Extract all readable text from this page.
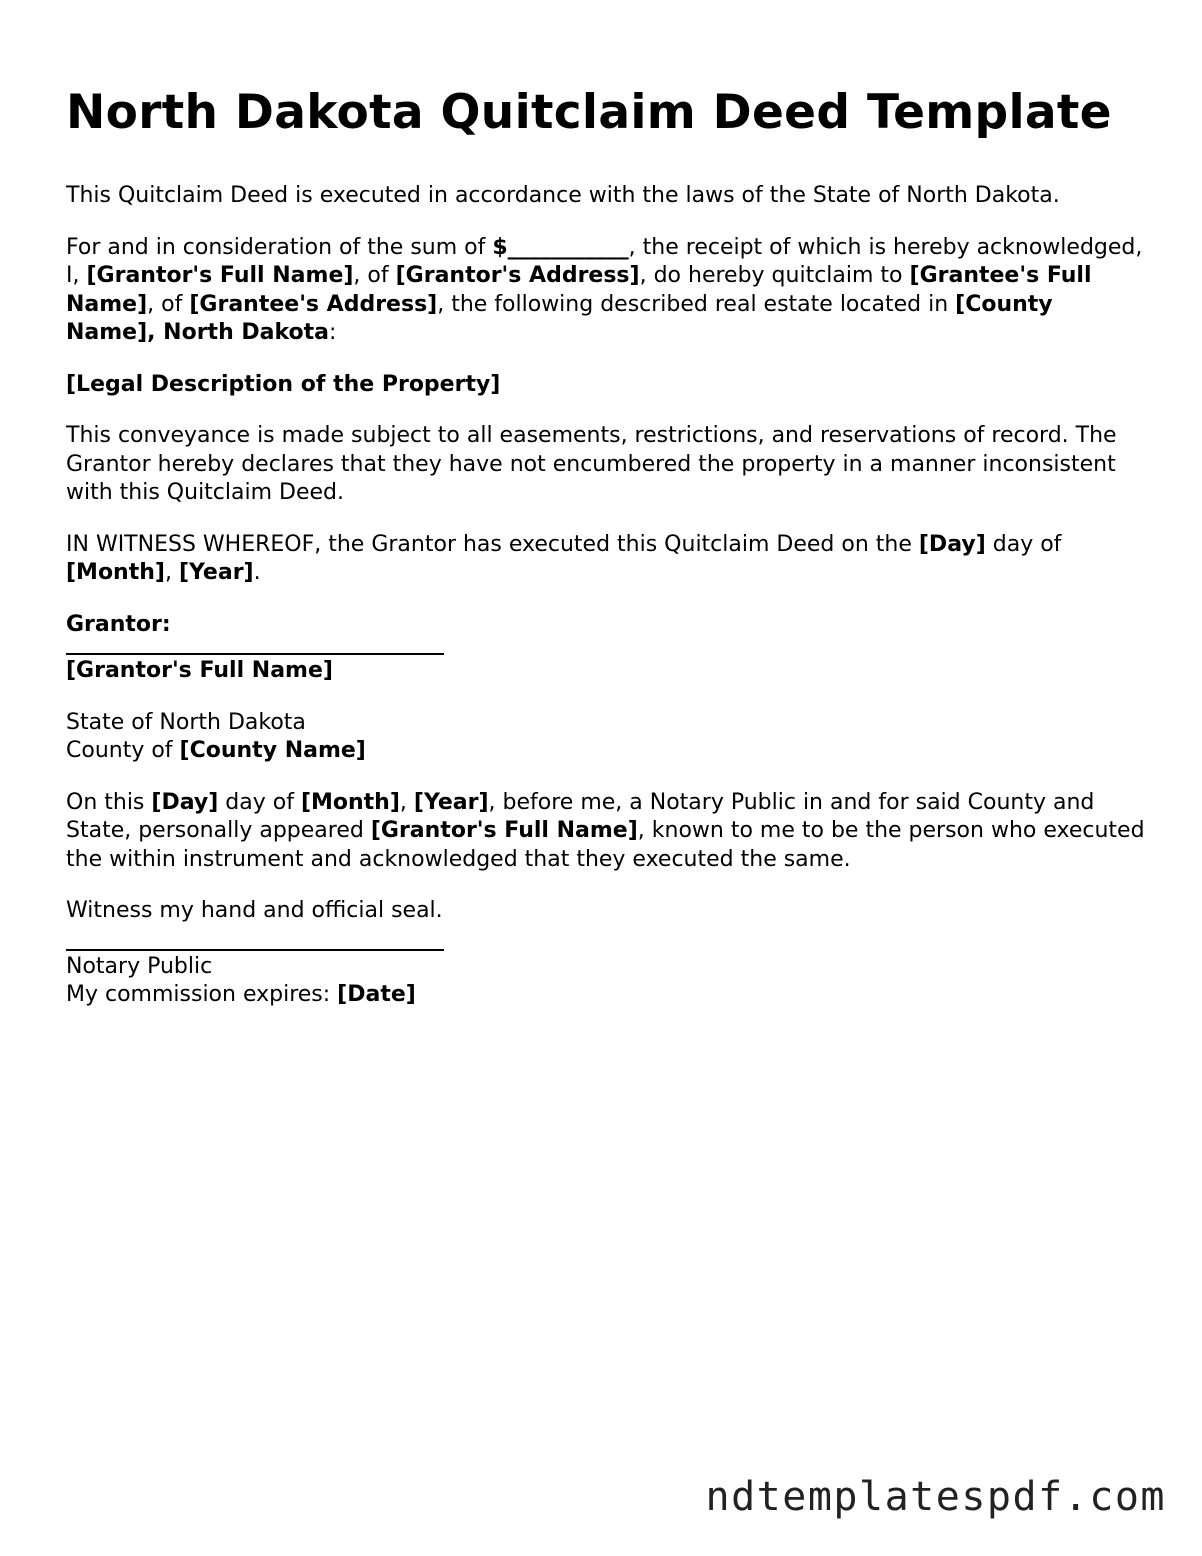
North Dakota Quitclaim Deed Template

This Quitclaim Deed is executed in accordance with the laws of the State of North Dakota.

For and in consideration of the sum of $___________, the receipt of which is hereby acknowledged, I, [Grantor's Full Name], of [Grantor's Address], do hereby quitclaim to [Grantee's Full Name], of [Grantee's Address], the following described real estate located in [County Name], North Dakota:

[Legal Description of the Property]

This conveyance is made subject to all easements, restrictions, and reservations of record. The Grantor hereby declares that they have not encumbered the property in a manner inconsistent with this Quitclaim Deed.

IN WITNESS WHEREOF, the Grantor has executed this Quitclaim Deed on the [Day] day of [Month], [Year].

Grantor:
[Grantor's Full Name]

State of North Dakota
County of [County Name]

On this [Day] day of [Month], [Year], before me, a Notary Public in and for said County and State, personally appeared [Grantor's Full Name], known to me to be the person who executed the within instrument and acknowledged that they executed the same.

Witness my hand and official seal.

Notary Public
My commission expires: [Date]

ndtemplatespdf.com
